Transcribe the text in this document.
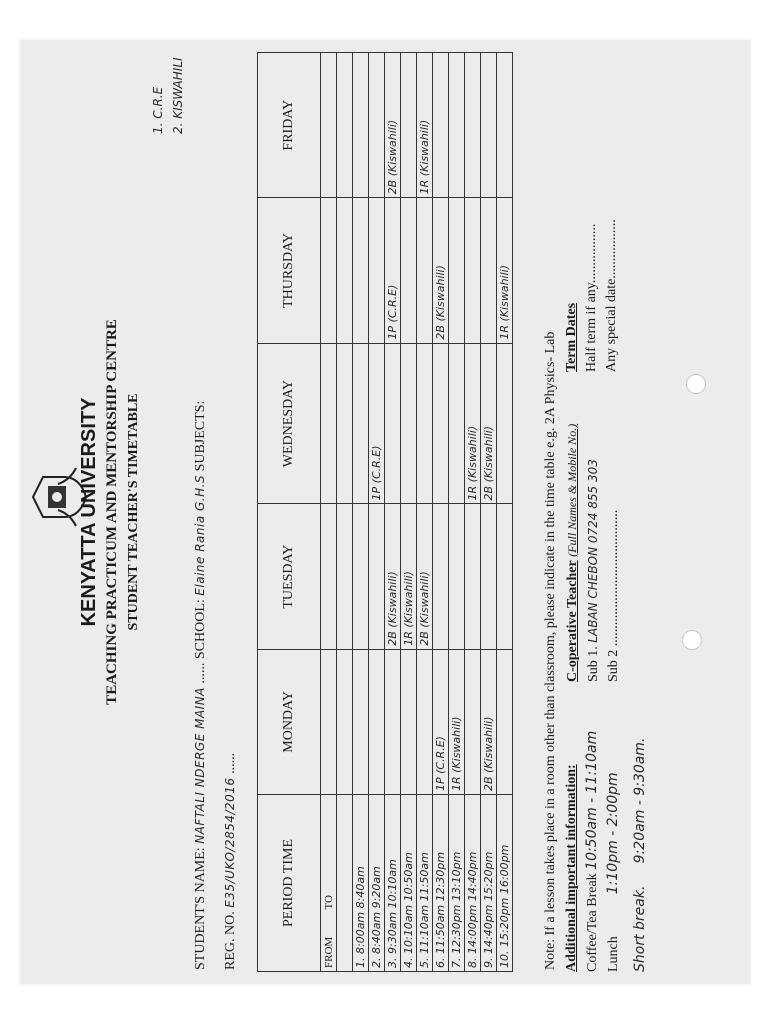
KENYATTA UNIVERSITY TEACHING PRACTICUM AND MENTORSHIP CENTRE STUDENT TEACHER'S TIMETABLE
1. C.R.E 2. KISWAHILI
STUDENT'S NAME: NAFTALI NDERGE MAINA ...... SCHOOL: Elaine Rania G.H.S SUBJECTS:
REG. NO. E35/UKO/2854/2016 ......
PERIOD TIME	MONDAY	TUESDAY	WEDNESDAY	THURSDAY	FRIDAY
FROM          TO					

1. 8:00am 8:40am					
2. 8:40am 9:20am			1P (C.R.E)		
3. 9:30am 10:10am		2B (Kiswahili)		1P (C.R.E)	2B (Kiswahili)
4. 10:10am 10:50am		1R (Kiswahili)			
5. 11:10am 11:50am		2B (Kiswahili)			1R (Kiswahili)
6. 11:50am 12:30pm	1P (C.R.E)			2B (Kiswahili)	
7. 12:30pm 13:10pm	1R (Kiswahili)				
8. 14:00pm 14:40pm			1R (Kiswahili)		
9. 14:40pm 15:20pm	2B (Kiswahili)		2B (Kiswahili)		
10. 15:20pm 16:00pm				1R (Kiswahili)	
Note: If a lesson takes place in a room other than classroom, please indicate in the time table e.g. 2A Physics- Lab Additional important information: Coffee/Tea Break 10:50am - 11:10am
Lunch            1:10pm - 2:00pm
Short break.     9:20am - 9:30am.
C-operative Teacher (Full Names & Mobile No.)
Sub 1. LABAN CHEBON 0724 855 303
Sub 2 .......................................
Term Dates Half term if any................. Any special date.................
